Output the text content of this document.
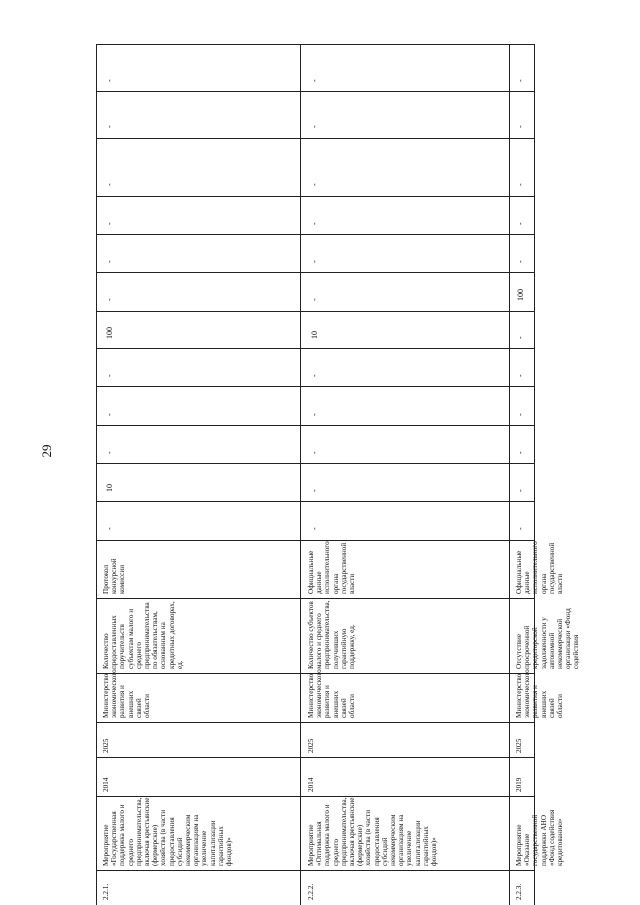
29
2.2.1.
Мероприятие «Государственная поддержка малого и среднего предпринимательства, включая крестьянские (фермерские) хозяйства (в части предоставления субсидий некоммерческим организациям на увеличение капитализации гарантийных фондов)»
2014
2025
Министерство экономического развития и внешних связей области
Количество предоставленных поручительств субъектам малого и среднего предпринимательства по обязательствам, основанным на кредитных договорах, ед.
Протокол конкурсной комиссии
-
10
-
-
-
100
-
-
-
-
-
-
2.2.2.
Мероприятие «Оптимальная поддержка малого и среднего предпринимательства, включая крестьянские (фермерские) хозяйства (в части предоставления субсидий некоммерческим организациям на увеличение капитализации гарантийных фондов)»
2014
2025
Министерство экономического развития и внешних связей области
Количество субъектов малого и среднего предпринимательства, получивших гарантийную поддержку, ед.
Официальные данные исполнительного органа государственной власти
-
-
-
-
-
10
-
-
-
-
-
-
2.2.3.
Мероприятие «Оказание государственной поддержки АНО «Фонд содействия кредитованию»
2019
2025
Министерство экономического развития и внешних связей области
Отсутствие просроченной кредиторской задолженности у автономной некоммерческой организации «Фонд содействия
Официальные данные исполнительного органа государственной власти
-
-
-
-
-
-
100
-
-
-
-
-
